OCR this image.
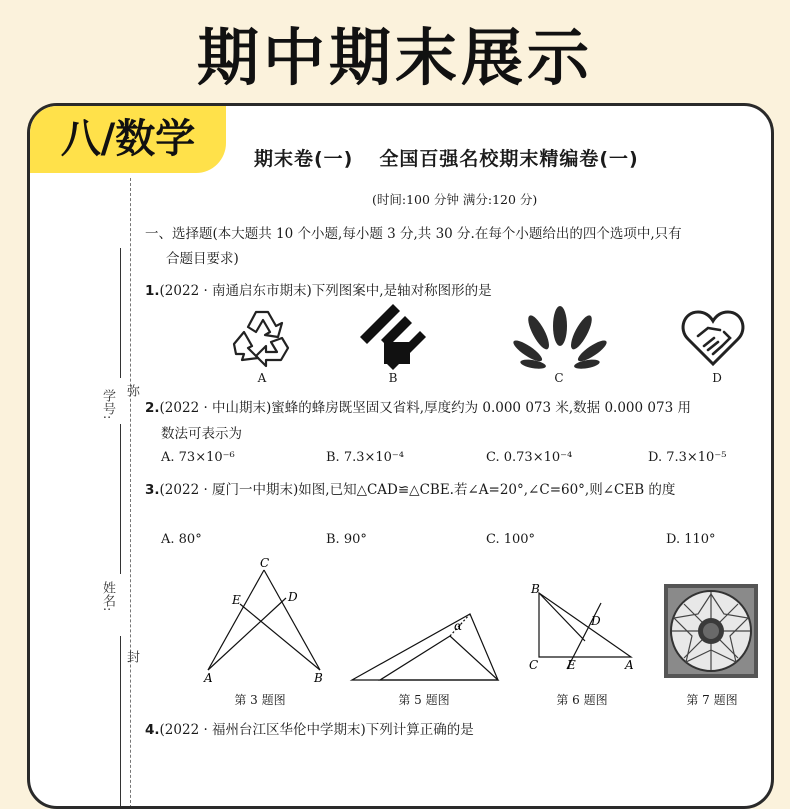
期中期末展示
八/数学	期末卷(一) 全国百强名校期末精编卷(一)
(时间:100 分钟 满分:120 分)
学号: 弥
姓名:
封
一、选择题(本大题共 10 个小题,每小题 3 分,共 30 分.在每个小题给出的四个选项中,只有
合题目要求)
1.(2022 · 南通启东市期末)下列图案中,是轴对称图形的是
A	B	C	D
2.(2022 · 中山期末)蜜蜂的蜂房既坚固又省料,厚度约为 0.000 073 米,数据 0.000 073 用
数法可表示为
A. 73×10⁻⁶	B. 7.3×10⁻⁴	C. 0.73×10⁻⁴	D. 7.3×10⁻⁵
3.(2022 · 厦门一中期末)如图,已知△CAD≌△CBE.若∠A=20°,∠C=60°,则∠CEB 的度
A. 80°	B. 90°	C. 100°	D. 110°
C
E	D
A	B
第 3 题图
α
第 5 题图
B
D
C E	A
第 6 题图	第 7 题图
4.(2022 · 福州台江区华伦中学期末)下列计算正确的是
